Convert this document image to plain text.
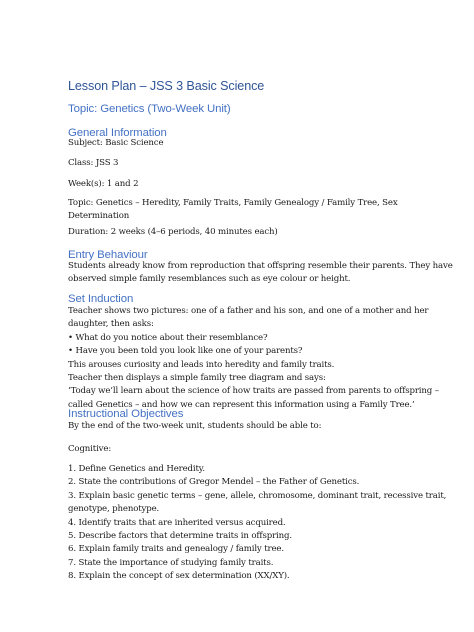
Lesson Plan – JSS 3 Basic Science
Topic: Genetics (Two-Week Unit)
General Information
Subject: Basic Science
Class: JSS 3
Week(s): 1 and 2
Topic: Genetics – Heredity, Family Traits, Family Genealogy / Family Tree, Sex
Determination
Duration: 2 weeks (4–6 periods, 40 minutes each)
Entry Behaviour
Students already know from reproduction that offspring resemble their parents. They have
observed simple family resemblances such as eye colour or height.
Set Induction
Teacher shows two pictures: one of a father and his son, and one of a mother and her
daughter, then asks:
• What do you notice about their resemblance?
• Have you been told you look like one of your parents?
This arouses curiosity and leads into heredity and family traits.
Teacher then displays a simple family tree diagram and says:
‘Today we’ll learn about the science of how traits are passed from parents to offspring –
called Genetics – and how we can represent this information using a Family Tree.’
Instructional Objectives
By the end of the two-week unit, students should be able to:
Cognitive:
1. Define Genetics and Heredity.
2. State the contributions of Gregor Mendel – the Father of Genetics.
3. Explain basic genetic terms – gene, allele, chromosome, dominant trait, recessive trait,
genotype, phenotype.
4. Identify traits that are inherited versus acquired.
5. Describe factors that determine traits in offspring.
6. Explain family traits and genealogy / family tree.
7. State the importance of studying family traits.
8. Explain the concept of sex determination (XX/XY).
